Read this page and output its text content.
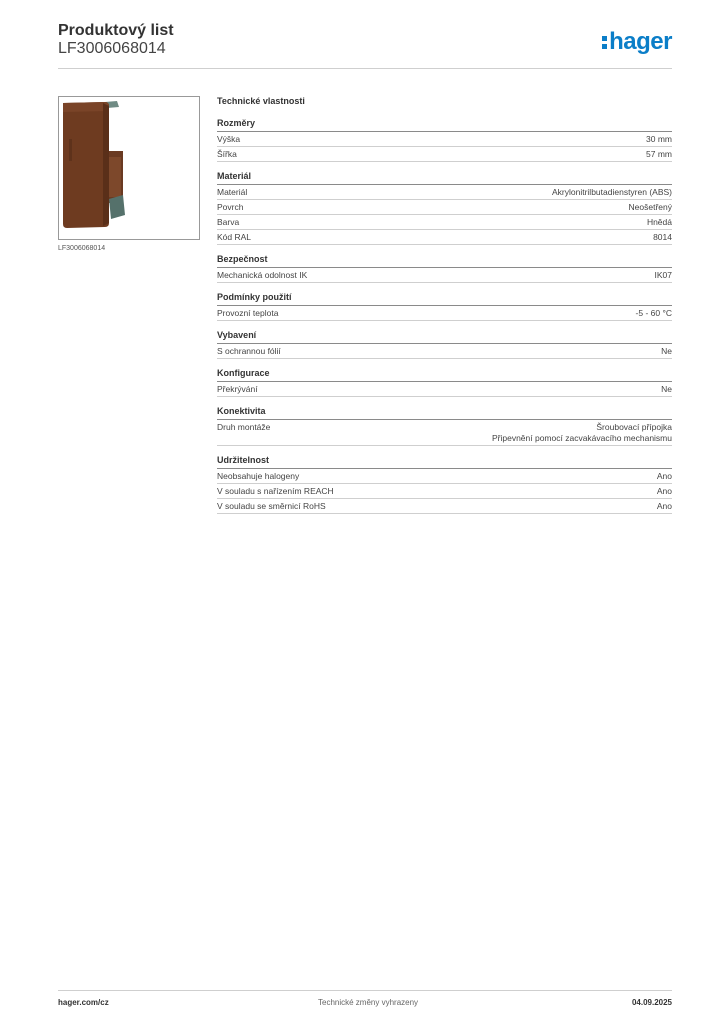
Produktový list
LF3006068014	hager
LF3006068014
Technické vlastnosti
Rozměry
Výška	30 mm
Šířka	57 mm
Materiál
Materiál	Akrylonitrilbutadienstyren (ABS)
Povrch	Neošetřený
Barva	Hnědá
Kód RAL	8014
Bezpečnost
Mechanická odolnost IK	IK07
Podmínky použití
Provozní teplota	-5 - 60 °C
Vybavení
S ochrannou fólií	Ne
Konfigurace
Překrývání	Ne
Konektivita
Druh montáže	Šroubovací přípojka
Připevnění pomocí zacvakávacího mechanismu
Udržitelnost
Neobsahuje halogeny	Ano
V souladu s nařízením REACH	Ano
V souladu se směrnicí RoHS	Ano
hager.com/cz	Technické změny vyhrazeny	04.09.2025
